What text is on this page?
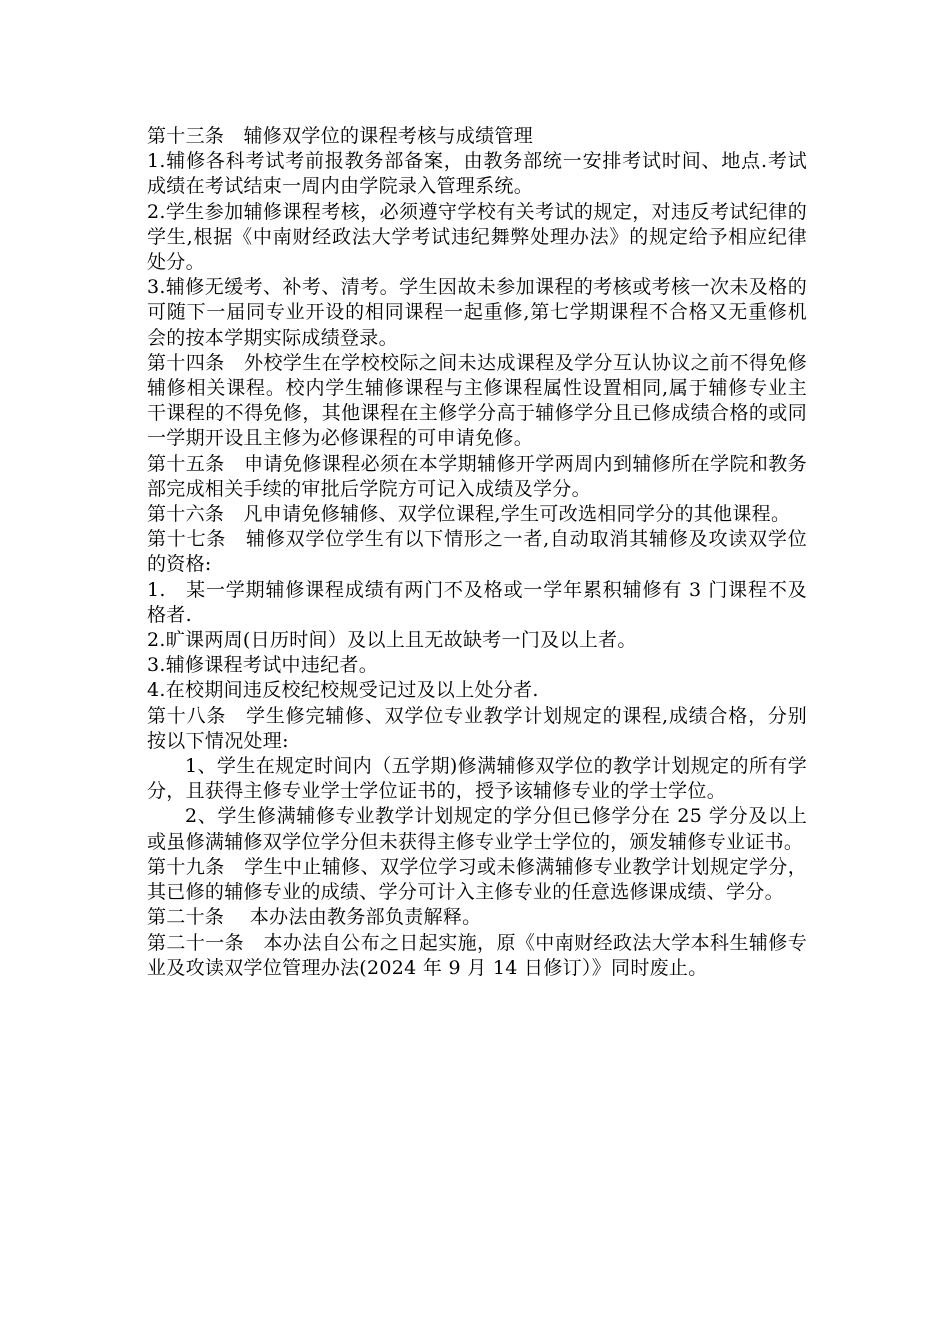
第十三条　辅修双学位的课程考核与成绩管理

1.辅修各科考试考前报教务部备案，由教务部统一安排考试时间、地点.考试成绩在考试结束一周内由学院录入管理系统。

2.学生参加辅修课程考核，必须遵守学校有关考试的规定，对违反考试纪律的学生,根据《中南财经政法大学考试违纪舞弊处理办法》的规定给予相应纪律处分。

3.辅修无缓考、补考、清考。学生因故未参加课程的考核或考核一次未及格的可随下一届同专业开设的相同课程一起重修,第七学期课程不合格又无重修机会的按本学期实际成绩登录。

第十四条　外校学生在学校校际之间未达成课程及学分互认协议之前不得免修辅修相关课程。校内学生辅修课程与主修课程属性设置相同,属于辅修专业主干课程的不得免修，其他课程在主修学分高于辅修学分且已修成绩合格的或同一学期开设且主修为必修课程的可申请免修。

第十五条　申请免修课程必须在本学期辅修开学两周内到辅修所在学院和教务部完成相关手续的审批后学院方可记入成绩及学分。

第十六条　凡申请免修辅修、双学位课程,学生可改选相同学分的其他课程。

第十七条　辅修双学位学生有以下情形之一者,自动取消其辅修及攻读双学位的资格:

1.　某一学期辅修课程成绩有两门不及格或一学年累积辅修有 3 门课程不及格者.

2.旷课两周(日历时间）及以上且无故缺考一门及以上者。

3.辅修课程考试中违纪者。

4.在校期间违反校纪校规受记过及以上处分者.

第十八条　学生修完辅修、双学位专业教学计划规定的课程,成绩合格，分别按以下情况处理:

1、学生在规定时间内（五学期)修满辅修双学位的教学计划规定的所有学分，且获得主修专业学士学位证书的，授予该辅修专业的学士学位。

2、学生修满辅修专业教学计划规定的学分但已修学分在 25 学分及以上或虽修满辅修双学位学分但未获得主修专业学士学位的，颁发辅修专业证书。

第十九条　学生中止辅修、双学位学习或未修满辅修专业教学计划规定学分，其已修的辅修专业的成绩、学分可计入主修专业的任意选修课成绩、学分。

第二十条　 本办法由教务部负责解释。

第二十一条　本办法自公布之日起实施，原《中南财经政法大学本科生辅修专业及攻读双学位管理办法(2024 年 9 月 14 日修订）》同时废止。
